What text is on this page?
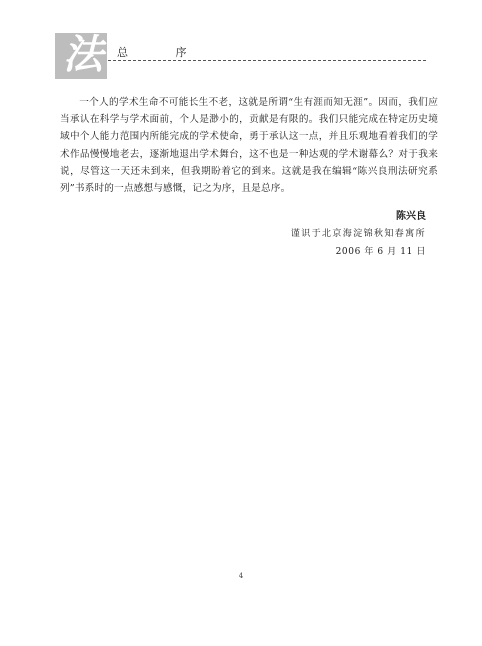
法	总 序

一个人的学术生命不可能长生不老，这就是所谓“生有涯而知无涯”。因而，我们应当承认在科学与学术面前，个人是渺小的，贡献是有限的。我们只能完成在特定历史境域中个人能力范围内所能完成的学术使命，勇于承认这一点，并且乐观地看着我们的学术作品慢慢地老去，逐渐地退出学术舞台，这不也是一种达观的学术谢幕么？对于我来说，尽管这一天还未到来，但我期盼着它的到来。这就是我在编辑“陈兴良刑法研究系列”书系时的一点感想与感慨，记之为序，且是总序。

陈兴良
谨识于北京海淀锦秋知春寓所
2006 年 6 月 11 日
4
